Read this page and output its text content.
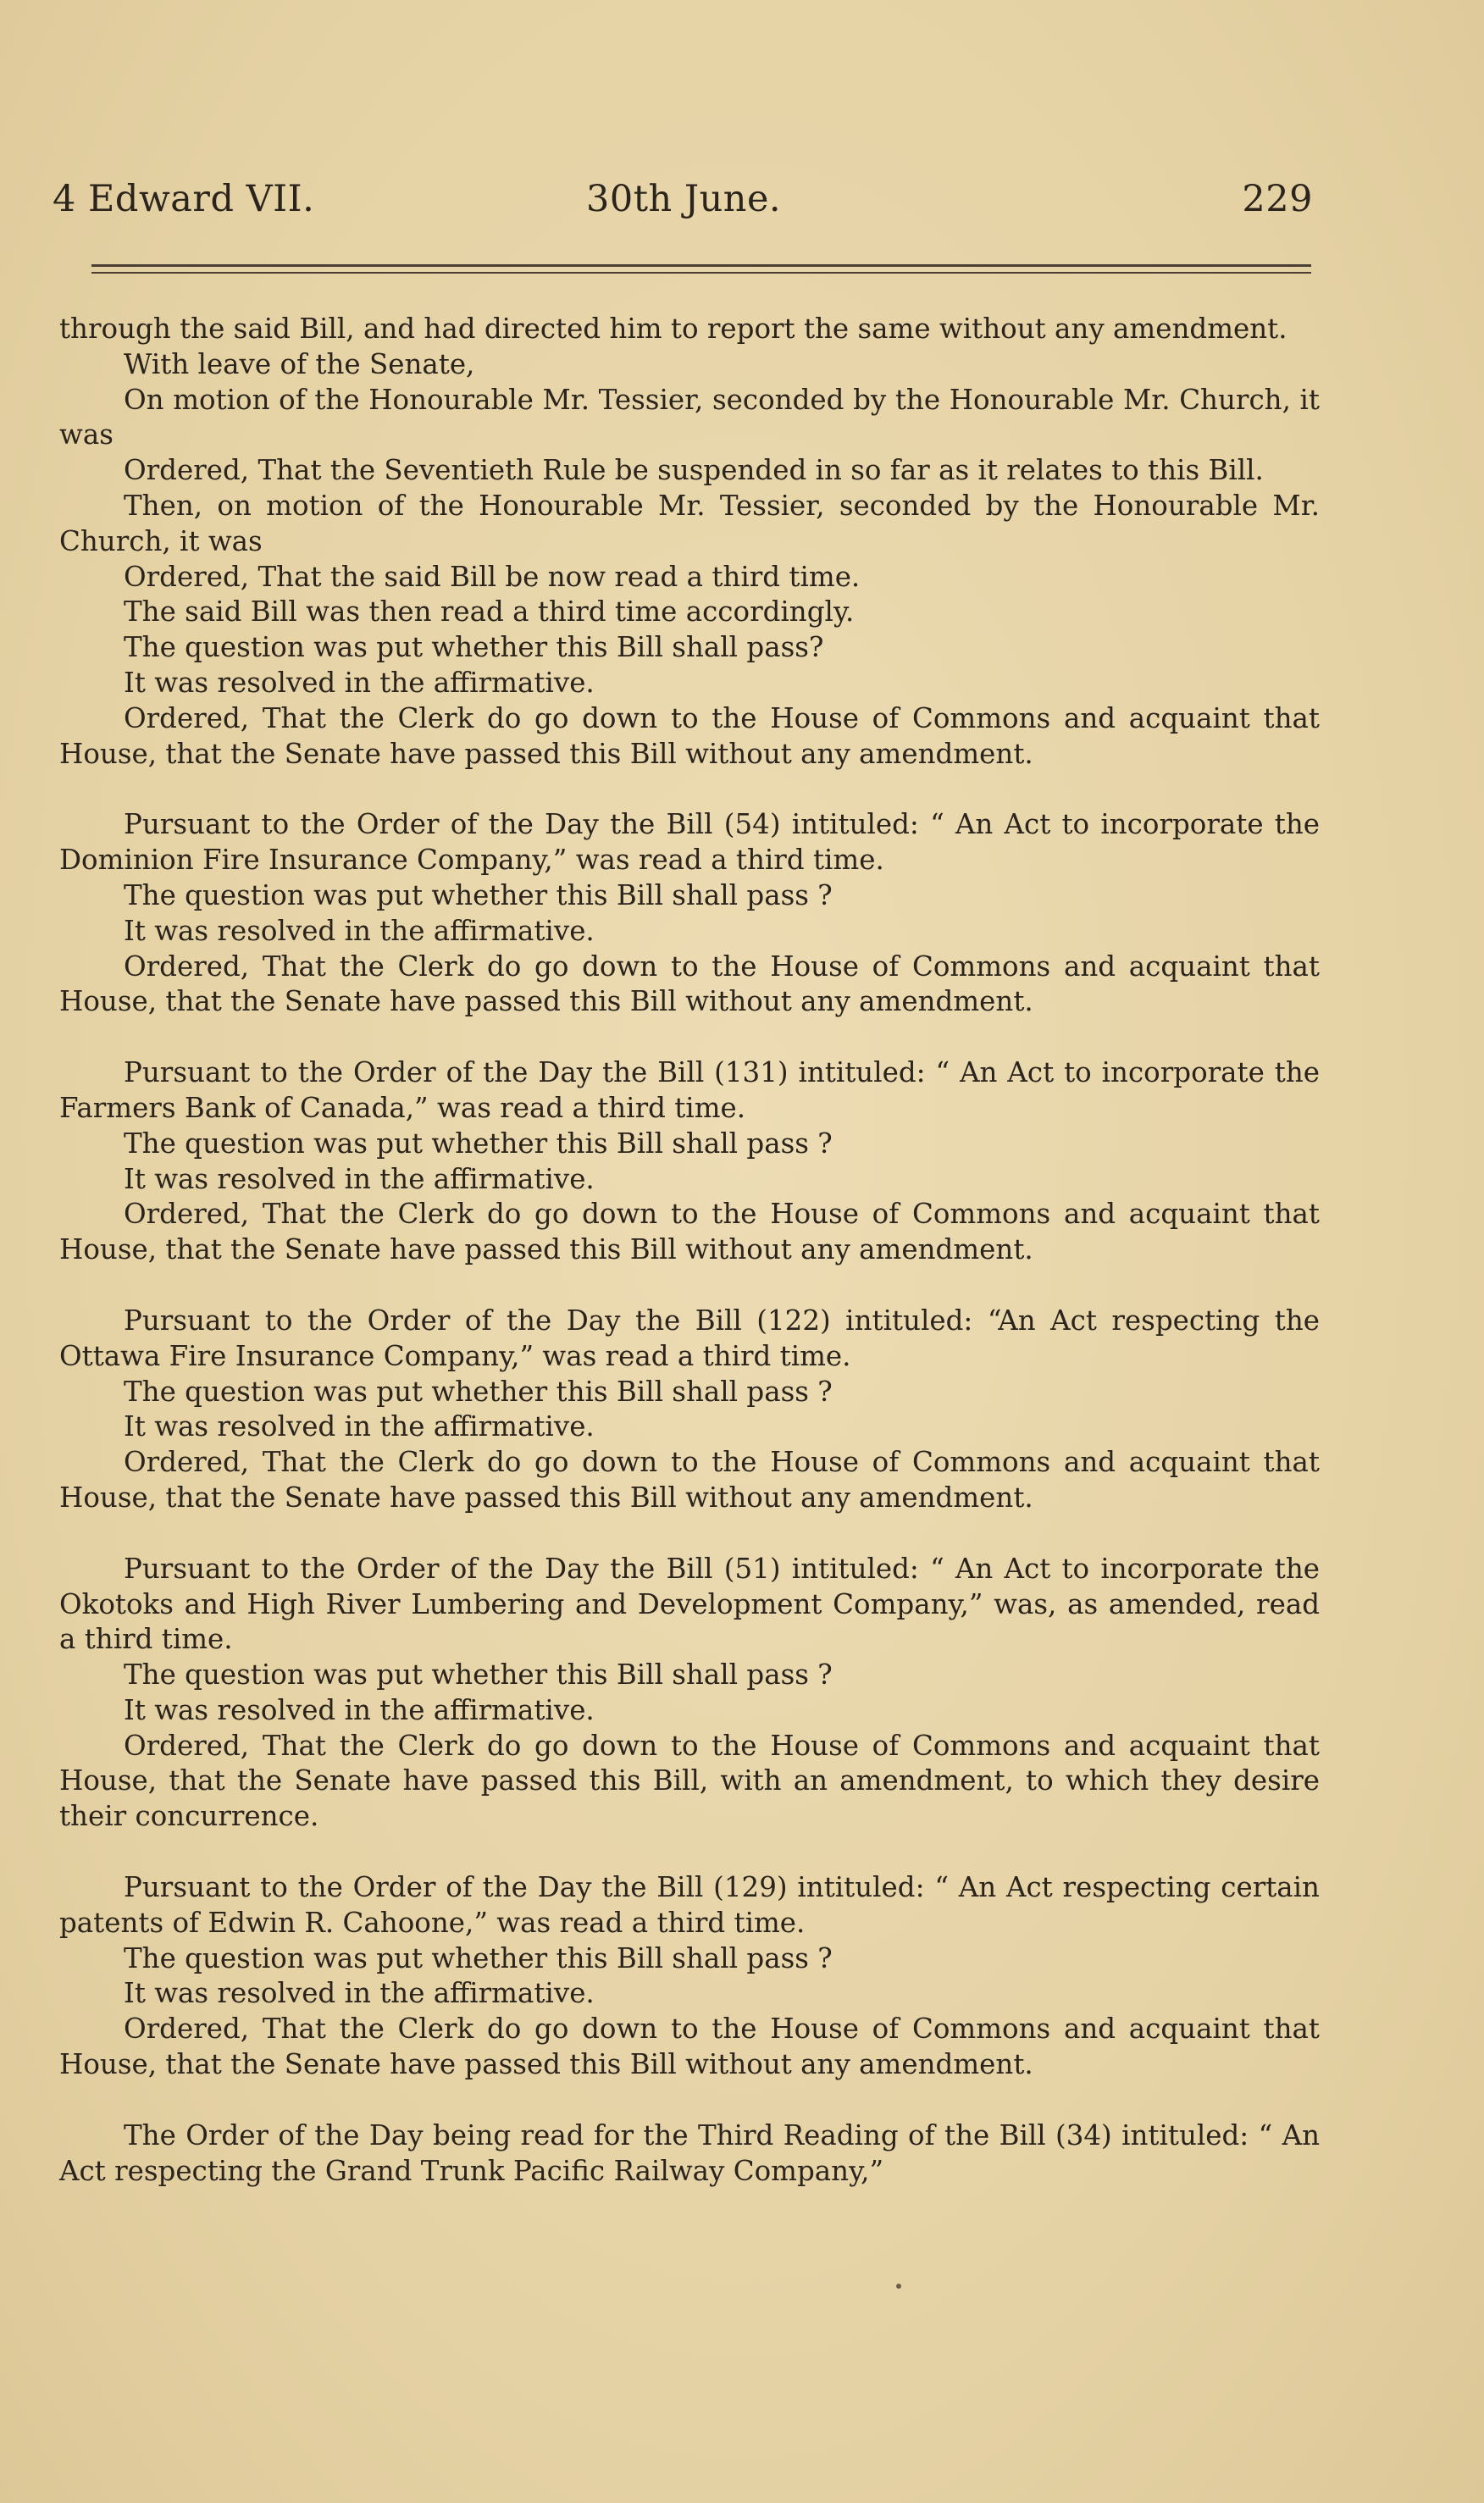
4 Edward VII.	30th June.	229

through the said Bill, and had directed him to report the same without any amendment.

With leave of the Senate,

On motion of the Honourable Mr. Tessier, seconded by the Honourable Mr. Church, it was

Ordered, That the Seventieth Rule be suspended in so far as it relates to this Bill.

Then, on motion of the Honourable Mr. Tessier, seconded by the Honourable Mr. Church, it was

Ordered, That the said Bill be now read a third time.

The said Bill was then read a third time accordingly.

The question was put whether this Bill shall pass?

It was resolved in the affirmative.

Ordered, That the Clerk do go down to the House of Commons and acquaint that House, that the Senate have passed this Bill without any amendment.

Pursuant to the Order of the Day the Bill (54) intituled: “ An Act to incorporate the Dominion Fire Insurance Company,” was read a third time.

The question was put whether this Bill shall pass ?

It was resolved in the affirmative.

Ordered, That the Clerk do go down to the House of Commons and acquaint that House, that the Senate have passed this Bill without any amendment.

Pursuant to the Order of the Day the Bill (131) intituled: “ An Act to incorporate the Farmers Bank of Canada,” was read a third time.

The question was put whether this Bill shall pass ?

It was resolved in the affirmative.

Ordered, That the Clerk do go down to the House of Commons and acquaint that House, that the Senate have passed this Bill without any amendment.

Pursuant to the Order of the Day the Bill (122) intituled: “An Act respecting the Ottawa Fire Insurance Company,” was read a third time.

The question was put whether this Bill shall pass ?

It was resolved in the affirmative.

Ordered, That the Clerk do go down to the House of Commons and acquaint that House, that the Senate have passed this Bill without any amendment.

Pursuant to the Order of the Day the Bill (51) intituled: “ An Act to incorporate the Okotoks and High River Lumbering and Development Company,” was, as amended, read a third time.

The question was put whether this Bill shall pass ?

It was resolved in the affirmative.

Ordered, That the Clerk do go down to the House of Commons and acquaint that House, that the Senate have passed this Bill, with an amendment, to which they desire their concurrence.

Pursuant to the Order of the Day the Bill (129) intituled: “ An Act respecting certain patents of Edwin R. Cahoone,” was read a third time.

The question was put whether this Bill shall pass ?

It was resolved in the affirmative.

Ordered, That the Clerk do go down to the House of Commons and acquaint that House, that the Senate have passed this Bill without any amendment.

The Order of the Day being read for the Third Reading of the Bill (34) intituled: “ An Act respecting the Grand Trunk Pacific Railway Company,”
